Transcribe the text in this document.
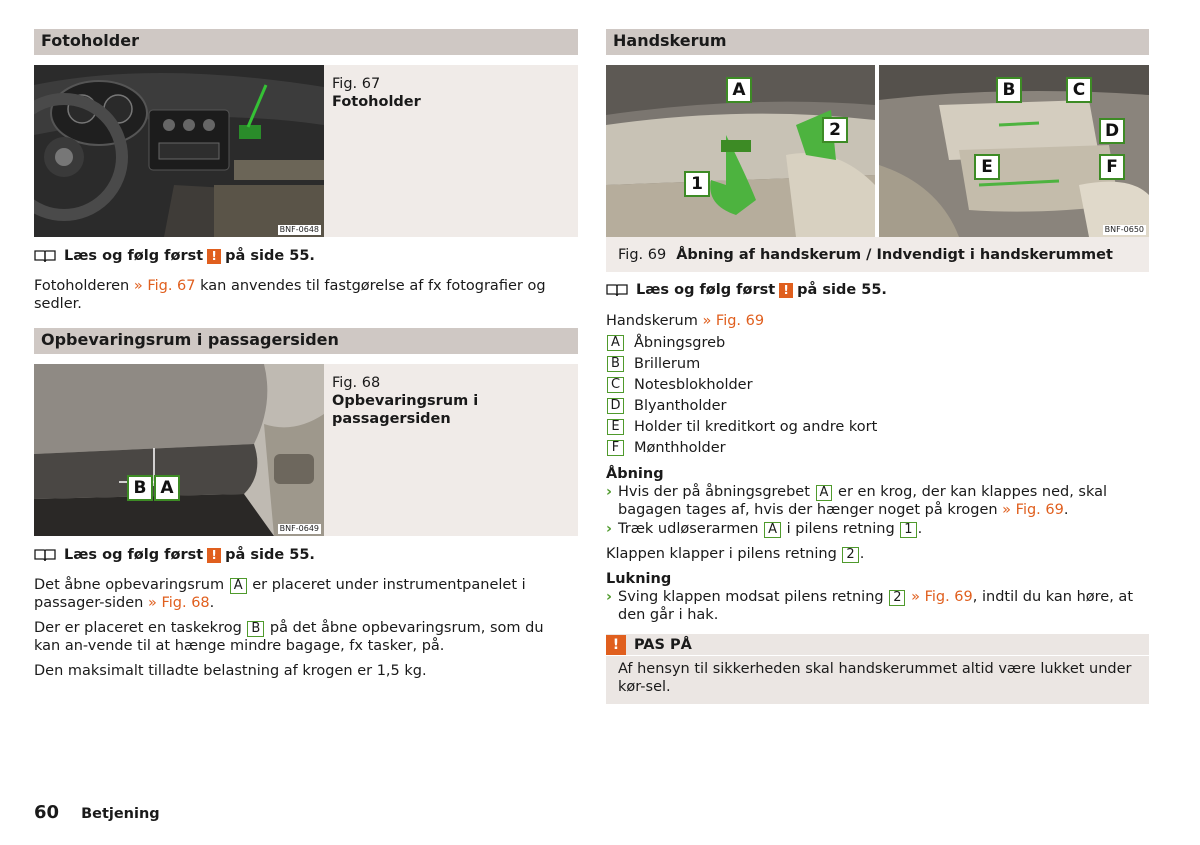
Fotoholder
BNF-0648
Fig. 67
Fotoholder
Læs og følg først ! på side 55.

Fotoholderen » Fig. 67 kan anvendes til fastgørelse af fx fotografier og sedler.

Opbevaringsrum i passagersiden
B A
BNF-0649
Fig. 68
Opbevaringsrum i passagersiden
Læs og følg først ! på side 55.

Det åbne opbevaringsrum A er placeret under instrumentpanelet i passager-siden » Fig. 68.

Der er placeret en taskekrog B på det åbne opbevaringsrum, som du kan an-vende til at hænge mindre bagage, fx tasker, på.

Den maksimalt tilladte belastning af krogen er 1,5 kg.

Handskerum
A
2
1
B	C
D
E	F
BNF-0650
Fig. 69 Åbning af handskerum / Indvendigt i handskerummet
Læs og følg først ! på side 55.

Handskerum » Fig. 69

A Åbningsgreb
B Brillerum
C Notesblokholder
D Blyantholder
E Holder til kreditkort og andre kort
F	Mønthholder
Åbning
› Hvis der på åbningsgrebet A er en krog, der kan klappes ned, skal bagagen tages af, hvis der hænger noget på krogen » Fig. 69.
› Træk udløserarmen A i pilens retning 1 .

Klappen klapper i pilens retning 2 .

Lukning
› Sving klappen modsat pilens retning 2 » Fig. 69, indtil du kan høre, at den går i hak.
!	PAS PÅ
Af hensyn til sikkerheden skal handskerummet altid være lukket under kør-sel.
60 Betjening
